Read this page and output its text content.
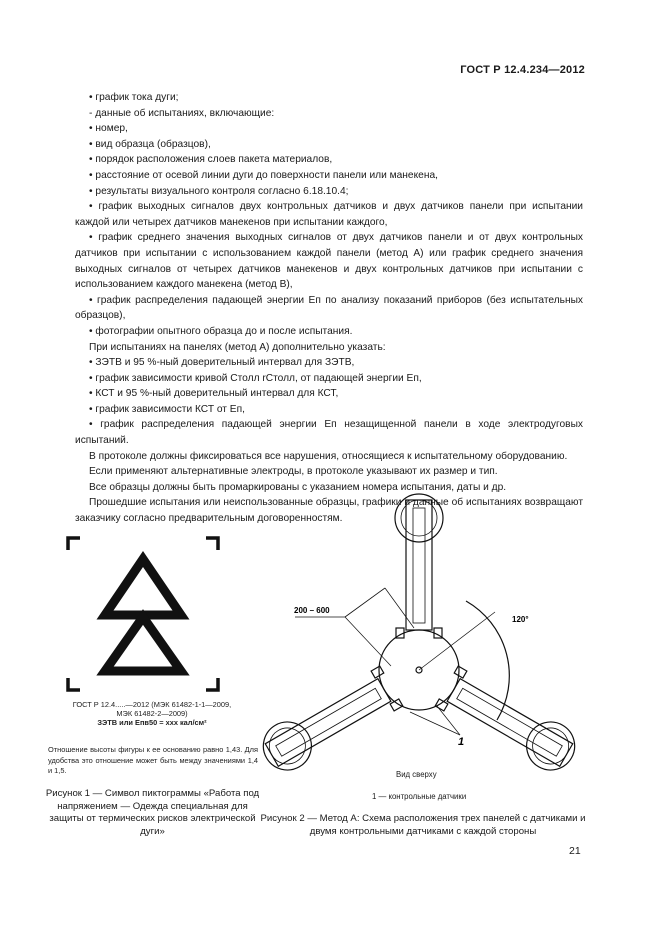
ГОСТ Р 12.4.234—2012

• график тока дуги;

- данные об испытаниях, включающие:

• номер,

• вид образца (образцов),

• порядок расположения слоев пакета материалов,

• расстояние от осевой линии дуги до поверхности панели или манекена,

• результаты визуального контроля согласно 6.18.10.4;

• график выходных сигналов двух контрольных датчиков и двух датчиков панели при испытании каждой или четырех датчиков манекенов при испытании каждого,

• график среднего значения выходных сигналов от двух датчиков панели и от двух контрольных датчиков при испытании с использованием каждой панели (метод А) или график среднего значения выходных сигналов от четырех датчиков манекенов и двух контрольных датчиков при испытании с использованием каждого манекена (метод В),

• график распределения падающей энергии Eп по анализу показаний приборов (без испытательных образцов),

• фотографии опытного образца до и после испытания.

При испытаниях на панелях (метод А) дополнительно указать:

• ЗЭТВ и 95 %-ный доверительный интервал для ЗЭТВ,

• график зависимости кривой Столл rСтолл, от падающей энергии Eп,

• КСТ и 95 %-ный доверительный интервал для КСТ,

• график зависимости КСТ от Eп,

• график распределения падающей энергии Eп незащищенной панели в ходе электродуговых испытаний.

В протоколе должны фиксироваться все нарушения, относящиеся к испытательному оборудованию.

Если применяют альтернативные электроды, в протоколе указывают их размер и тип.

Все образцы должны быть промаркированы с указанием номера испытания, даты и др.

Прошедшие испытания или неиспользованные образцы, графики и данные об испытаниях возвращают заказчику согласно предварительным договоренностям.

ГОСТ Р 12.4.....—2012 (МЭК 61482-1-1—2009,
МЭК 61482-2—2009)
ЗЭТВ или Eпв50 = xxx кал/см²
Отношение высоты фигуры к ее основанию равно 1,43. Для удобства это отношение может быть между значениями 1,4 и 1,5.
Рисунок 1 — Символ пиктограммы «Работа под напряжением — Одежда специальная для защиты от термических рисков электрической дуги»
200 – 600
120°
1
Вид сверху
1 — контрольные датчики
Рисунок 2 — Метод А: Схема расположения трех панелей с датчиками и двумя контрольными датчиками с каждой стороны
21
